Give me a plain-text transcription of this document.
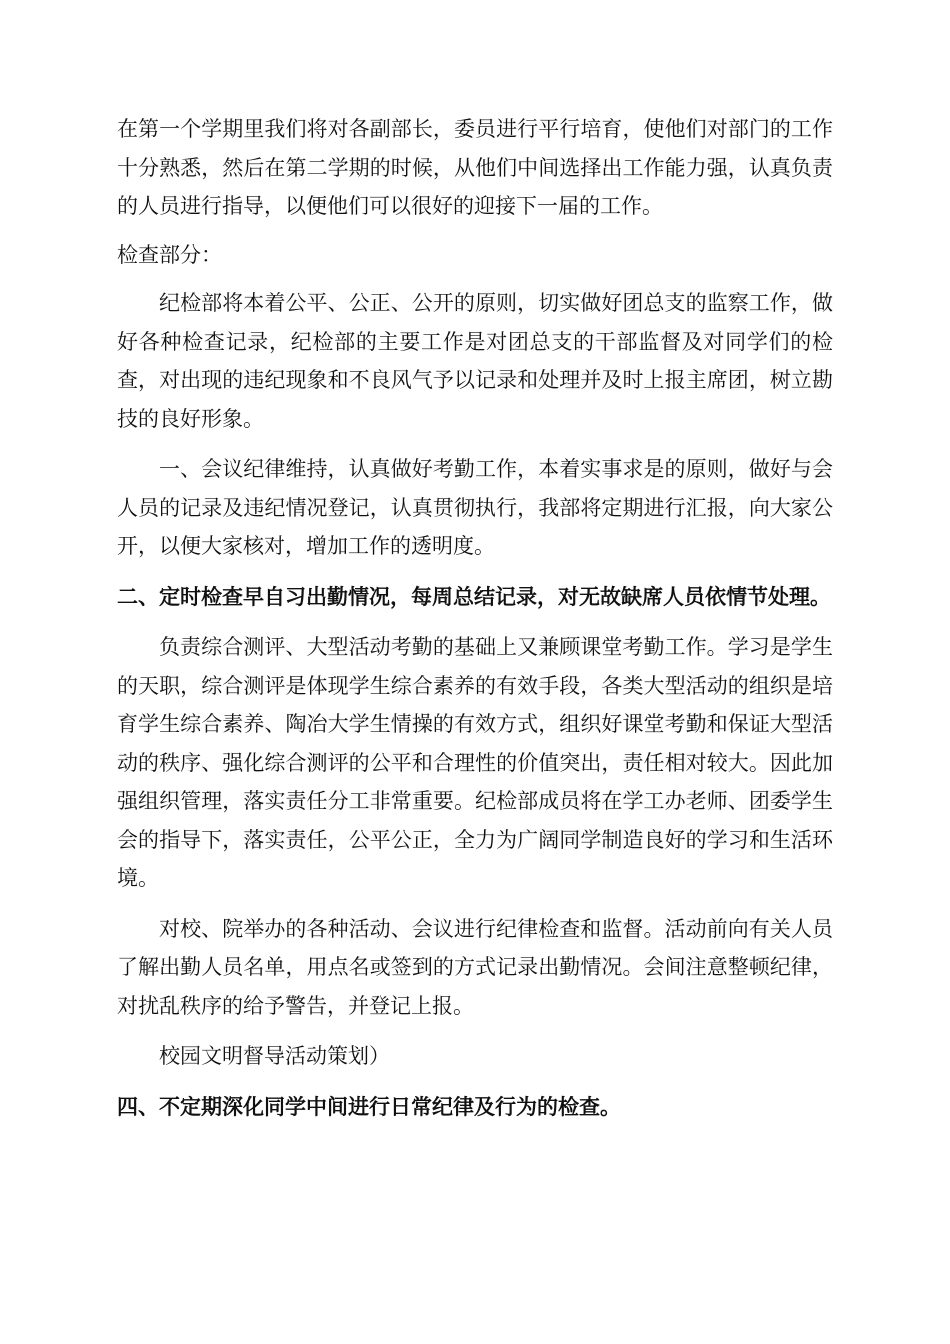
在第一个学期里我们将对各副部长，委员进行平行培育，使他们对部门的工作十分熟悉，然后在第二学期的时候，从他们中间选择出工作能力强，认真负责的人员进行指导，以便他们可以很好的迎接下一届的工作。

检查部分：

纪检部将本着公平、公正、公开的原则，切实做好团总支的监察工作，做好各种检查记录，纪检部的主要工作是对团总支的干部监督及对同学们的检查，对出现的违纪现象和不良风气予以记录和处理并及时上报主席团，树立勘技的良好形象。

一、会议纪律维持，认真做好考勤工作，本着实事求是的原则，做好与会人员的记录及违纪情况登记，认真贯彻执行，我部将定期进行汇报，向大家公开，以便大家核对，增加工作的透明度。

二、定时检查早自习出勤情况，每周总结记录，对无故缺席人员依情节处理。

负责综合测评、大型活动考勤的基础上又兼顾课堂考勤工作。学习是学生的天职，综合测评是体现学生综合素养的有效手段，各类大型活动的组织是培育学生综合素养、陶冶大学生情操的有效方式，组织好课堂考勤和保证大型活动的秩序、强化综合测评的公平和合理性的价值突出，责任相对较大。因此加强组织管理，落实责任分工非常重要。纪检部成员将在学工办老师、团委学生会的指导下，落实责任，公平公正，全力为广阔同学制造良好的学习和生活环境。

对校、院举办的各种活动、会议进行纪律检查和监督。活动前向有关人员了解出勤人员名单，用点名或签到的方式记录出勤情况。会间注意整顿纪律，对扰乱秩序的给予警告，并登记上报。

校园文明督导活动策划）

四、不定期深化同学中间进行日常纪律及行为的检查。
